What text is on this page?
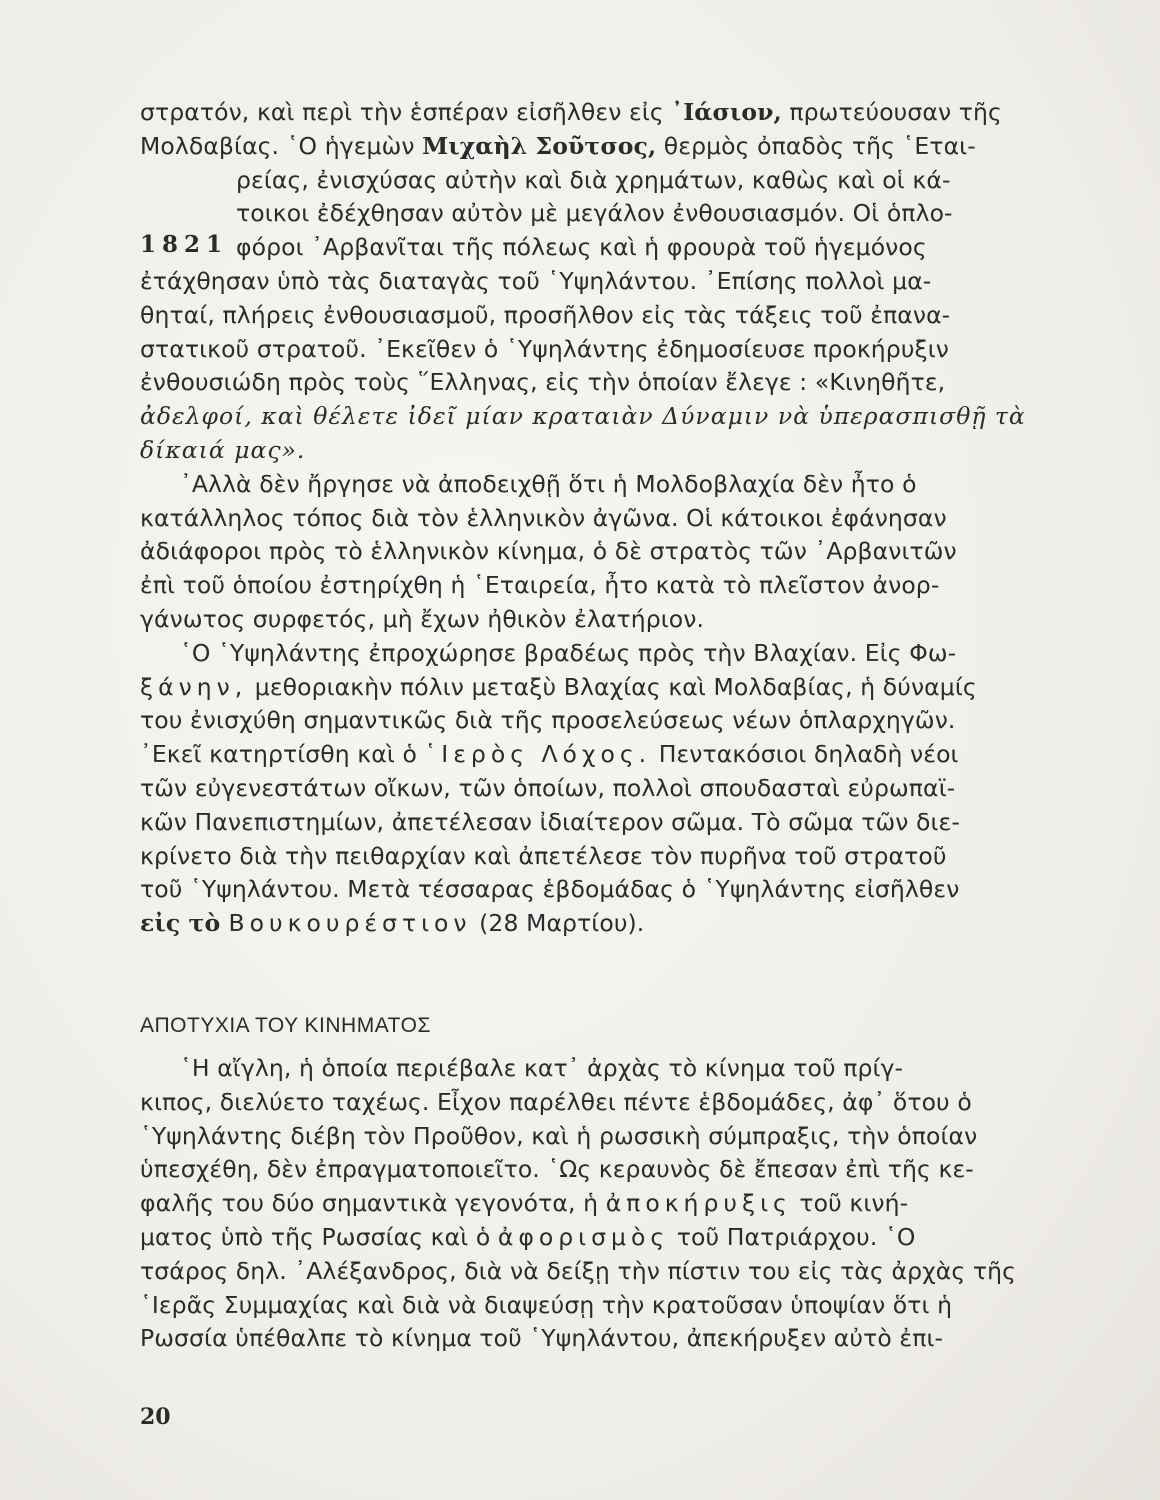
στρατόν, καὶ περὶ τὴν ἑσπέραν εἰσῆλθεν εἰς ᾿Ιάσιον, πρωτεύουσαν τῆς
Μολδαβίας. ῾Ο ἡγεμὼν Μιχαὴλ Σοῦτσος, θερμὸς ὀπαδὸς τῆς ῾Εται-
ρείας, ἐνισχύσας αὐτὴν καὶ διὰ χρημάτων, καθὼς καὶ οἱ κά-
τοικοι ἐδέχθησαν αὐτὸν μὲ μεγάλον ἐνθουσιασμόν. Οἱ ὁπλο-
φόροι ᾿Αρβανῖται τῆς πόλεως καὶ ἡ φρουρὰ τοῦ ἡγεμόνος
ἐτάχθησαν ὑπὸ τὰς διαταγὰς τοῦ ῾Υψηλάντου. ᾿Επίσης πολλοὶ μα-
θηταί, πλήρεις ἐνθουσιασμοῦ, προσῆλθον εἰς τὰς τάξεις τοῦ ἐπανα-
στατικοῦ στρατοῦ. ᾿Εκεῖθεν ὁ ῾Υψηλάντης ἐδημοσίευσε προκήρυξιν
ἐνθουσιώδη πρὸς τοὺς ῞Ελληνας, εἰς τὴν ὁποίαν ἔλεγε : «Κινηθῆτε,
ἀδελφοί, καὶ θέλετε ἰδεῖ μίαν κραταιὰν Δύναμιν νὰ ὑπερασπισθῇ τὰ
δίκαιά μας».
᾿Αλλὰ δὲν ἤργησε νὰ ἀποδειχθῇ ὅτι ἡ Μολδοβλαχία δὲν ἦτο ὁ
κατάλληλος τόπος διὰ τὸν ἑλληνικὸν ἀγῶνα. Οἱ κάτοικοι ἐφάνησαν
ἀδιάφοροι πρὸς τὸ ἑλληνικὸν κίνημα, ὁ δὲ στρατὸς τῶν ᾿Αρβανιτῶν
ἐπὶ τοῦ ὁποίου ἐστηρίχθη ἡ ῾Εταιρεία, ἦτο κατὰ τὸ πλεῖστον ἀνορ-
γάνωτος συρφετός, μὴ ἔχων ἠθικὸν ἐλατήριον.
῾Ο ῾Υψηλάντης ἐπροχώρησε βραδέως πρὸς τὴν Βλαχίαν. Εἰς Φω-
ξάνην, μεθοριακὴν πόλιν μεταξὺ Βλαχίας καὶ Μολδαβίας, ἡ δύναμίς
του ἐνισχύθη σημαντικῶς διὰ τῆς προσελεύσεως νέων ὁπλαρχηγῶν.
᾿Εκεῖ κατηρτίσθη καὶ ὁ ῾Ιερὸς Λόχος. Πεντακόσιοι δηλαδὴ νέοι
τῶν εὐγενεστάτων οἴκων, τῶν ὁποίων, πολλοὶ σπουδασταὶ εὐρωπαϊ-
κῶν Πανεπιστημίων, ἀπετέλεσαν ἰδιαίτερον σῶμα. Τὸ σῶμα τῶν διε-
κρίνετο διὰ τὴν πειθαρχίαν καὶ ἀπετέλεσε τὸν πυρῆνα τοῦ στρατοῦ
τοῦ ῾Υψηλάντου. Μετὰ τέσσαρας ἑβδομάδας ὁ ῾Υψηλάντης εἰσῆλθεν
εἰς τὸ Βουκουρέστιον (28 Μαρτίου).
1821
ΑΠΟΤΥΧΙΑ ΤΟΥ ΚΙΝΗΜΑΤΟΣ
῾Η αἴγλη, ἡ ὁποία περιέβαλε κατ᾿ ἀρχὰς τὸ κίνημα τοῦ πρίγ-
κιπος, διελύετο ταχέως. Εἶχον παρέλθει πέντε ἑβδομάδες, ἀφ᾿ ὅτου ὁ
῾Υψηλάντης διέβη τὸν Προῦθον, καὶ ἡ ρωσσικὴ σύμπραξις, τὴν ὁποίαν
ὑπεσχέθη, δὲν ἐπραγματοποιεῖτο. ῾Ως κεραυνὸς δὲ ἔπεσαν ἐπὶ τῆς κε-
φαλῆς του δύο σημαντικὰ γεγονότα, ἡ ἀποκήρυξις τοῦ κινή-
ματος ὑπὸ τῆς Ρωσσίας καὶ ὁ ἀφορισμὸς τοῦ Πατριάρχου. ῾Ο
τσάρος δηλ. ᾿Αλέξανδρος, διὰ νὰ δείξῃ τὴν πίστιν του εἰς τὰς ἀρχὰς τῆς
῾Ιερᾶς Συμμαχίας καὶ διὰ νὰ διαψεύσῃ τὴν κρατοῦσαν ὑποψίαν ὅτι ἡ
Ρωσσία ὑπέθαλπε τὸ κίνημα τοῦ ῾Υψηλάντου, ἀπεκήρυξεν αὐτὸ ἐπι-
20
